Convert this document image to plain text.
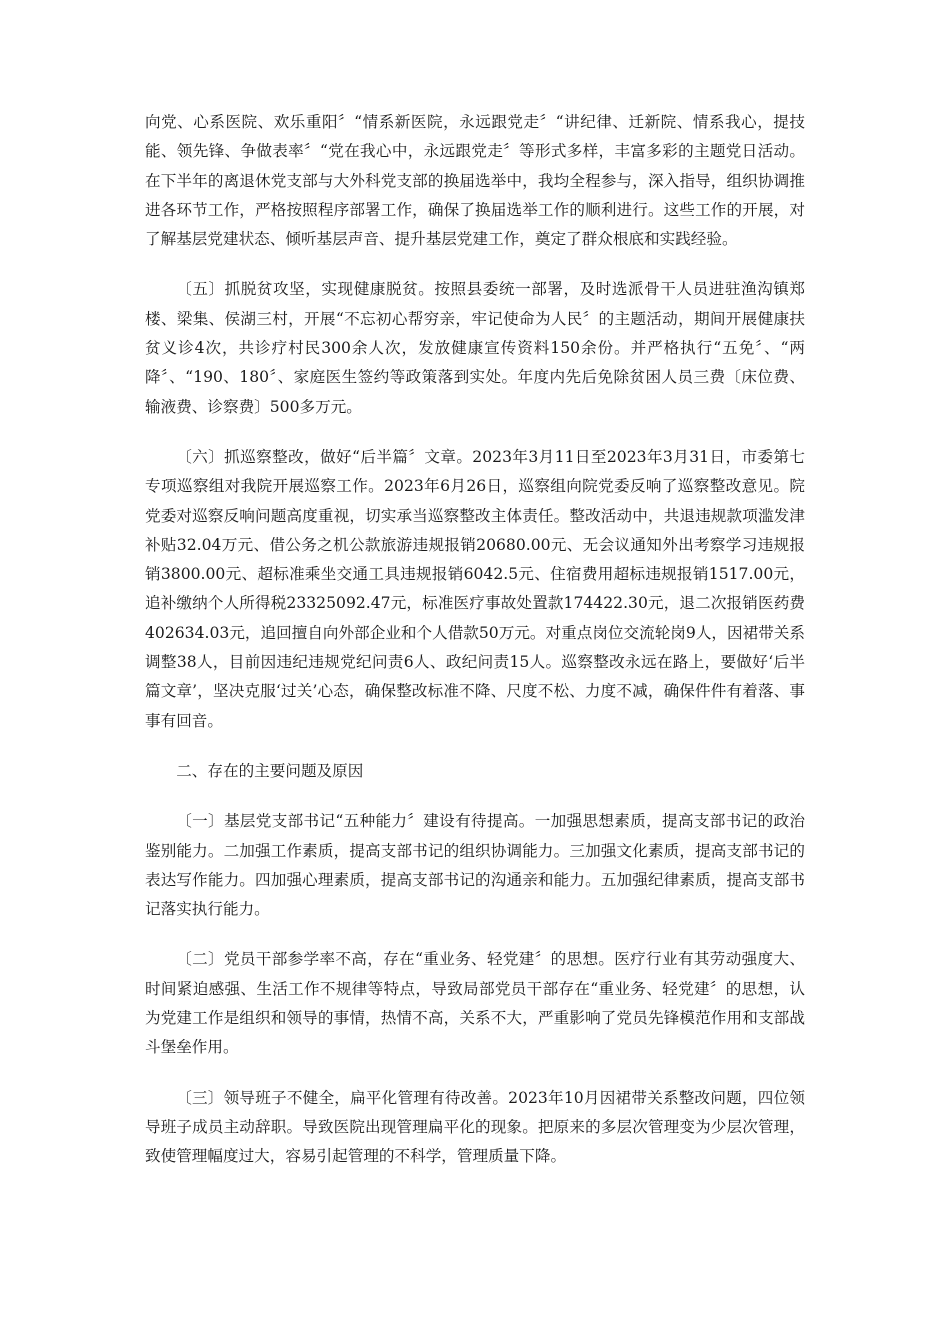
向党、心系医院、欢乐重阳〞“情系新医院，永远跟党走〞“讲纪律、迁新院、情系我心，提技能、领先锋、争做表率〞“党在我心中，永远跟党走〞等形式多样，丰富多彩的主题党日活动。在下半年的离退休党支部与大外科党支部的换届选举中，我均全程参与，深入指导，组织协调推进各环节工作，严格按照程序部署工作，确保了换届选举工作的顺利进行。这些工作的开展，对了解基层党建状态、倾听基层声音、提升基层党建工作，奠定了群众根底和实践经验。

〔五〕抓脱贫攻坚，实现健康脱贫。按照县委统一部署，及时选派骨干人员进驻渔沟镇郑楼、梁集、侯湖三村，开展“不忘初心帮穷亲，牢记使命为人民〞的主题活动，期间开展健康扶贫义诊4次，共诊疗村民300余人次，发放健康宣传资料150余份。并严格执行“五免〞、“两降〞、“190、180〞、家庭医生签约等政策落到实处。年度内先后免除贫困人员三费〔床位费、输液费、诊察费〕500多万元。

〔六〕抓巡察整改，做好“后半篇〞文章。2023年3月11日至2023年3月31日，市委第七专项巡察组对我院开展巡察工作。2023年6月26日，巡察组向院党委反响了巡察整改意见。院党委对巡察反响问题高度重视，切实承当巡察整改主体责任。整改活动中，共退违规款项滥发津补贴32.04万元、借公务之机公款旅游违规报销20680.00元、无会议通知外出考察学习违规报销3800.00元、超标准乘坐交通工具违规报销6042.5元、住宿费用超标违规报销1517.00元，追补缴纳个人所得税23325092.47元，标准医疗事故处置款174422.30元，退二次报销医药费402634.03元，追回擅自向外部企业和个人借款50万元。对重点岗位交流轮岗9人，因裙带关系调整38人，目前因违纪违规党纪问责6人、政纪问责15人。巡察整改永远在路上，要做好‘后半篇文章’，坚决克服‘过关’心态，确保整改标准不降、尺度不松、力度不减，确保件件有着落、事事有回音。

二、存在的主要问题及原因

〔一〕基层党支部书记“五种能力〞建设有待提高。一加强思想素质，提高支部书记的政治鉴别能力。二加强工作素质，提高支部书记的组织协调能力。三加强文化素质，提高支部书记的表达写作能力。四加强心理素质，提高支部书记的沟通亲和能力。五加强纪律素质，提高支部书记落实执行能力。

〔二〕党员干部参学率不高，存在“重业务、轻党建〞的思想。医疗行业有其劳动强度大、时间紧迫感强、生活工作不规律等特点，导致局部党员干部存在“重业务、轻党建〞的思想，认为党建工作是组织和领导的事情，热情不高，关系不大，严重影响了党员先锋模范作用和支部战斗堡垒作用。

〔三〕领导班子不健全，扁平化管理有待改善。2023年10月因裙带关系整改问题，四位领导班子成员主动辞职。导致医院出现管理扁平化的现象。把原来的多层次管理变为少层次管理，致使管理幅度过大，容易引起管理的不科学，管理质量下降。
